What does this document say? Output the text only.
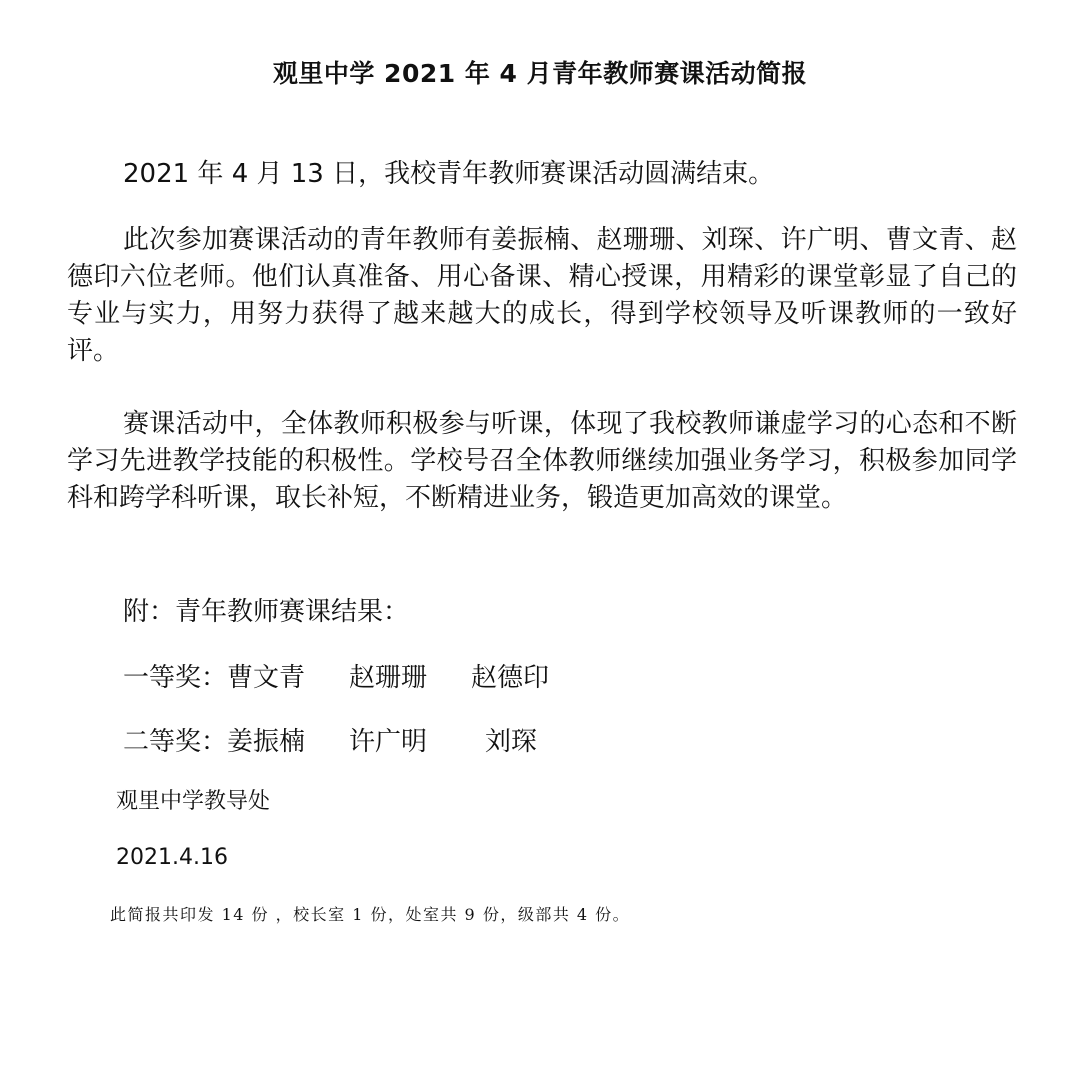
观里中学 2021 年 4 月青年教师赛课活动简报
2021 年 4 月 13 日，我校青年教师赛课活动圆满结束。
此次参加赛课活动的青年教师有姜振楠、赵珊珊、刘琛、许广明、曹文青、赵德印六位老师。他们认真准备、用心备课、精心授课，用精彩的课堂彰显了自己的专业与实力，用努力获得了越来越大的成长，得到学校领导及听课教师的一致好评。
赛课活动中，全体教师积极参与听课，体现了我校教师谦虚学习的心态和不断学习先进教学技能的积极性。学校号召全体教师继续加强业务学习，积极参加同学科和跨学科听课，取长补短，不断精进业务，锻造更加高效的课堂。
附：青年教师赛课结果：
一等奖：曹文青 赵珊珊 赵德印
二等奖：姜振楠 许广明 刘琛
观里中学教导处
2021.4.16
此简报共印发 14 份 ，校长室 1 份，处室共 9 份，级部共 4 份。
